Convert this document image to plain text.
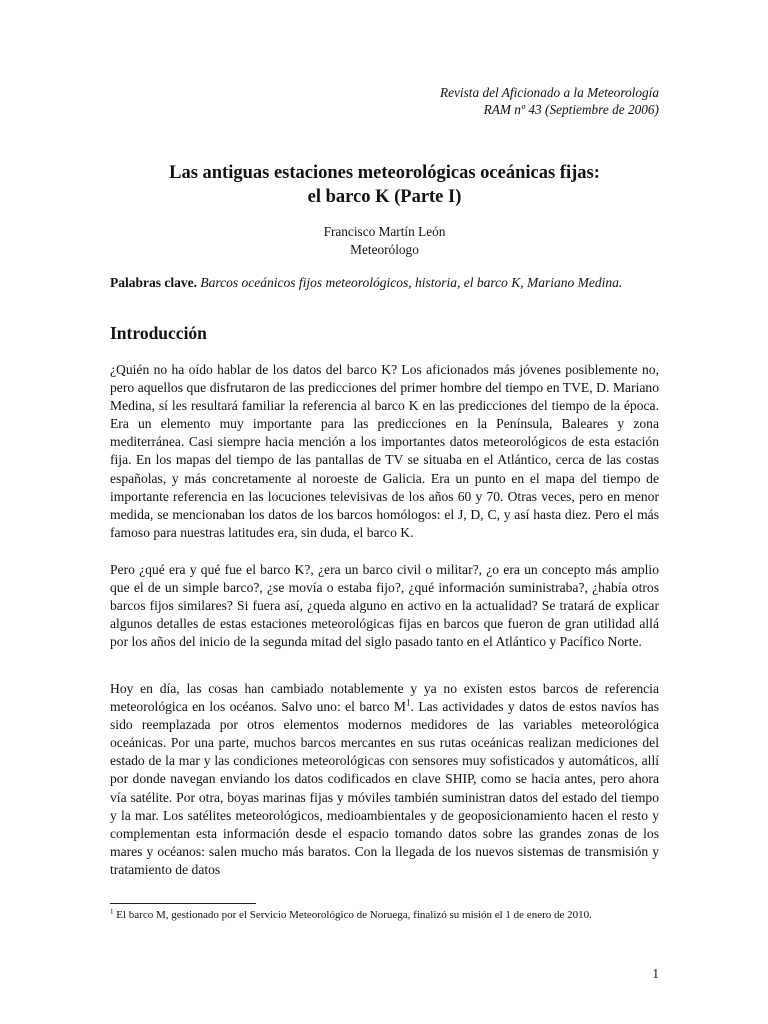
Revista del Aficionado a la Meteorología
RAM nº 43 (Septiembre de 2006)
Las antiguas estaciones meteorológicas oceánicas fijas:
el barco K (Parte I)
Francisco Martín León
Meteorólogo
Palabras clave. Barcos oceánicos fijos meteorológicos, historia, el barco K, Mariano Medina.
Introducción

¿Quién no ha oído hablar de los datos del barco K? Los aficionados más jóvenes posiblemente no, pero aquellos que disfrutaron de las predicciones del primer hombre del tiempo en TVE, D. Mariano Medina, sí les resultará familiar la referencia al barco K en las predicciones del tiempo de la época. Era un elemento muy importante para las predicciones en la Península, Baleares y zona mediterránea. Casi siempre hacia mención a los importantes datos meteorológicos de esta estación fija. En los mapas del tiempo de las pantallas de TV se situaba en el Atlántico, cerca de las costas españolas, y más concretamente al noroeste de Galicia. Era un punto en el mapa del tiempo de importante referencia en las locuciones televisivas de los años 60 y 70. Otras veces, pero en menor medida, se mencionaban los datos de los barcos homólogos: el J, D, C, y así hasta diez. Pero el más famoso para nuestras latitudes era, sin duda, el barco K.

Pero ¿qué era y qué fue el barco K?, ¿era un barco civil o militar?, ¿o era un concepto más amplio que el de un simple barco?, ¿se movía o estaba fijo?, ¿qué información suministraba?, ¿había otros barcos fijos similares? Si fuera así, ¿queda alguno en activo en la actualidad? Se tratará de explicar algunos detalles de estas estaciones meteorológicas fijas en barcos que fueron de gran utilidad allá por los años del inicio de la segunda mitad del siglo pasado tanto en el Atlántico y Pacífico Norte.

Hoy en día, las cosas han cambiado notablemente y ya no existen estos barcos de referencia meteorológica en los océanos. Salvo uno: el barco $M^1$. Las actividades y datos de estos navíos has sido reemplazada por otros elementos modernos medidores de las variables meteorológica oceánicas. Por una parte, muchos barcos mercantes en sus rutas oceánicas realizan mediciones del estado de la mar y las condiciones meteorológicas con sensores muy sofisticados y automáticos, allí por donde navegan enviando los datos codificados en clave SHIP, como se hacia antes, pero ahora vía satélite. Por otra, boyas marinas fijas y móviles también suministran datos del estado del tiempo y la mar. Los satélites meteorológicos, medioambientales y de geoposicionamiento hacen el resto y complementan esta información desde el espacio tomando datos sobre las grandes zonas de los mares y océanos: salen mucho más baratos. Con la llegada de los nuevos sistemas de transmisión y tratamiento de datos

$^1$ El barco M, gestionado por el Servicio Meteorológico de Noruega, finalizó su misión el 1 de enero de 2010.
1
